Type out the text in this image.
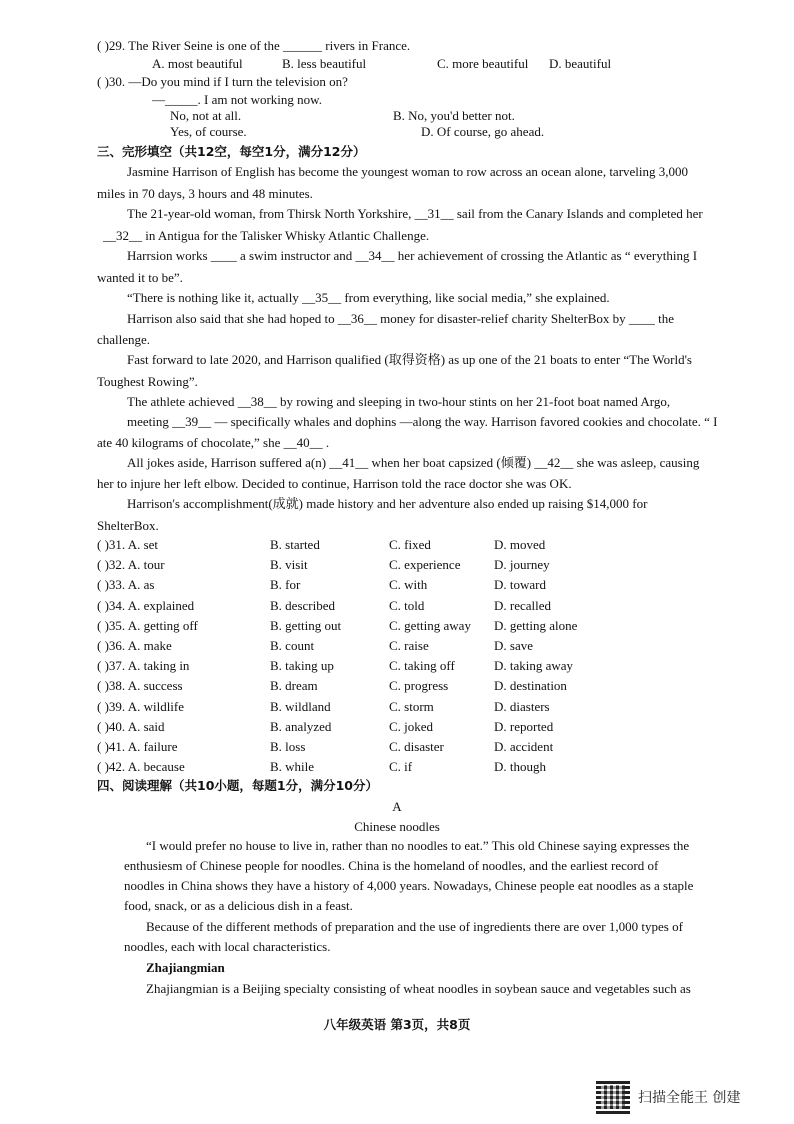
( )29. The River Seine is one of the ______ rivers in France.
A. most beautiful	B. less beautiful	C. more beautiful D. beautiful
( )30. —Do you mind if I turn the television on?
—_____. I am not working now.
No, not at all.	B. No, you'd better not.
Yes, of course.	D. Of course, go ahead.
三、完形填空（共12空，每空1分，满分12分）
Jasmine Harrison of English has become the youngest woman to row across an ocean alone, tarveling 3,000
miles in 70 days, 3 hours and 48 minutes.
The 21-year-old woman, from Thirsk North Yorkshire, __31__ sail from the Canary Islands and completed her
__32__ in Antigua for the Talisker Whisky Atlantic Challenge.
Harrsion works ____ a swim instructor and __34__ her achievement of crossing the Atlantic as “ everything I
wanted it to be”.
“There is nothing like it, actually __35__ from everything, like social media,” she explained.
Harrison also said that she had hoped to __36__ money for disaster-relief charity ShelterBox by ____ the
challenge.
Fast forward to late 2020, and Harrison qualified (取得资格) as up one of the 21 boats to enter “The World's
Toughest Rowing”.
The athlete achieved __38__ by rowing and sleeping in two-hour stints on her 21-foot boat named Argo,
meeting __39__ — specifically whales and dophins —along the way. Harrison favored cookies and chocolate. “ I
ate 40 kilograms of chocolate,” she __40__ .
All jokes aside, Harrison suffered a(n) __41__ when her boat capsized (倾覆) __42__ she was asleep, causing
her to injure her left elbow. Decided to continue, Harrison told the race doctor she was OK.
Harrison's accomplishment(成就) made history and her adventure also ended up raising $14,000 for
ShelterBox.
四、阅读理解（共10小题，每题1分，满分10分）
“I would prefer no house to live in, rather than no noodles to eat.” This old Chinese saying expresses the
enthusiesm of Chinese people for noodles. China is the homeland of noodles, and the earliest record of
noodles in China shows they have a history of 4,000 years. Nowadays, Chinese people eat noodles as a staple
food, snack, or as a delicious dish in a feast.
Because of the different methods of preparation and the use of ingredients there are over 1,000 types of
noodles, each with local characteristics.
Zhajiangmian
Zhajiangmian is a Beijing specialty consisting of wheat noodles in soybean sauce and vegetables such as
( )31. A. set	B. started	C. fixed	D. moved
( )32. A. tour	B. visit	C. experience	D. journey
( )33. A. as	B. for	C. with	D. toward
( )34. A. explained	B. described	C. told	D. recalled
( )35. A. getting off	B. getting out	C. getting away D. getting alone
( )36. A. make	B. count	C. raise	D. save
( )37. A. taking in	B. taking up	C. taking off	D. taking away
( )38. A. success	B. dream	C. progress	D. destination
( )39. A. wildlife	B. wildland	C. storm	D. diasters
( )40. A. said	B. analyzed	C. joked	D. reported
( )41. A. failure	B. loss	C. disaster	D. accident
( )42. A. because	B. while	C. if	D. though
A
Chinese noodles
八年级英语 第3页，共8页
扫描全能王 创建
